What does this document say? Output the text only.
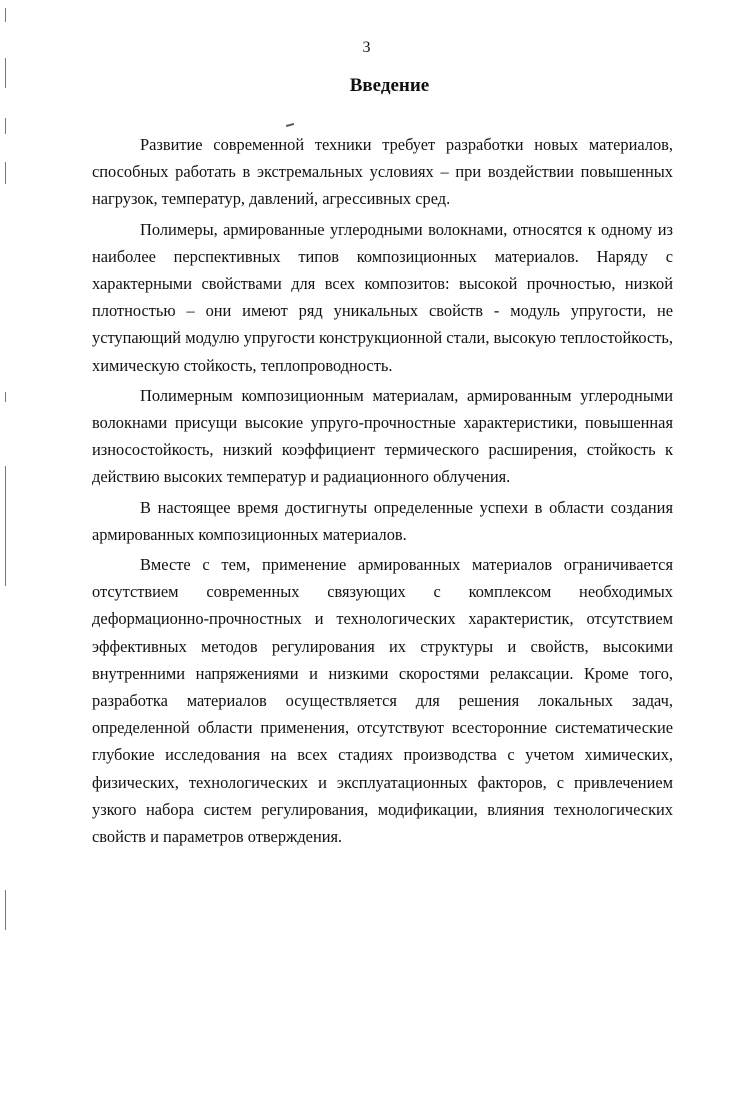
3
Введение

Развитие современной техники требует разработки новых материалов, способных работать в экстремальных условиях – при воздействии повышенных нагрузок, температур, давлений, агрессивных сред.

Полимеры, армированные углеродными волокнами, относятся к одному из наиболее перспективных типов композиционных материалов. Наряду с характерными свойствами для всех композитов: высокой прочностью, низкой плотностью – они имеют ряд уникальных свойств - модуль упругости, не уступающий модулю упругости конструкционной стали, высокую теплостойкость, химическую стойкость, теплопроводность.

Полимерным композиционным материалам, армированным углеродными волокнами присущи высокие упруго-прочностные характеристики, повышенная износостойкость, низкий коэффициент термического расширения, стойкость к действию высоких температур и радиационного облучения.

В настоящее время достигнуты определенные успехи в области создания армированных композиционных материалов.

Вместе с тем, применение армированных материалов ограничивается отсутствием современных связующих с комплексом необходимых деформационно-прочностных и технологических характеристик, отсутствием эффективных методов регулирования их структуры и свойств, высокими внутренними напряжениями и низкими скоростями релаксации. Кроме того, разработка материалов осуществляется для решения локальных задач, определенной области применения, отсутствуют всесторонние систематические глубокие исследования на всех стадиях производства с учетом химических, физических, технологических и эксплуатационных факторов, с привлечением узкого набора систем регулирования, модификации, влияния технологических свойств и параметров отверждения.
